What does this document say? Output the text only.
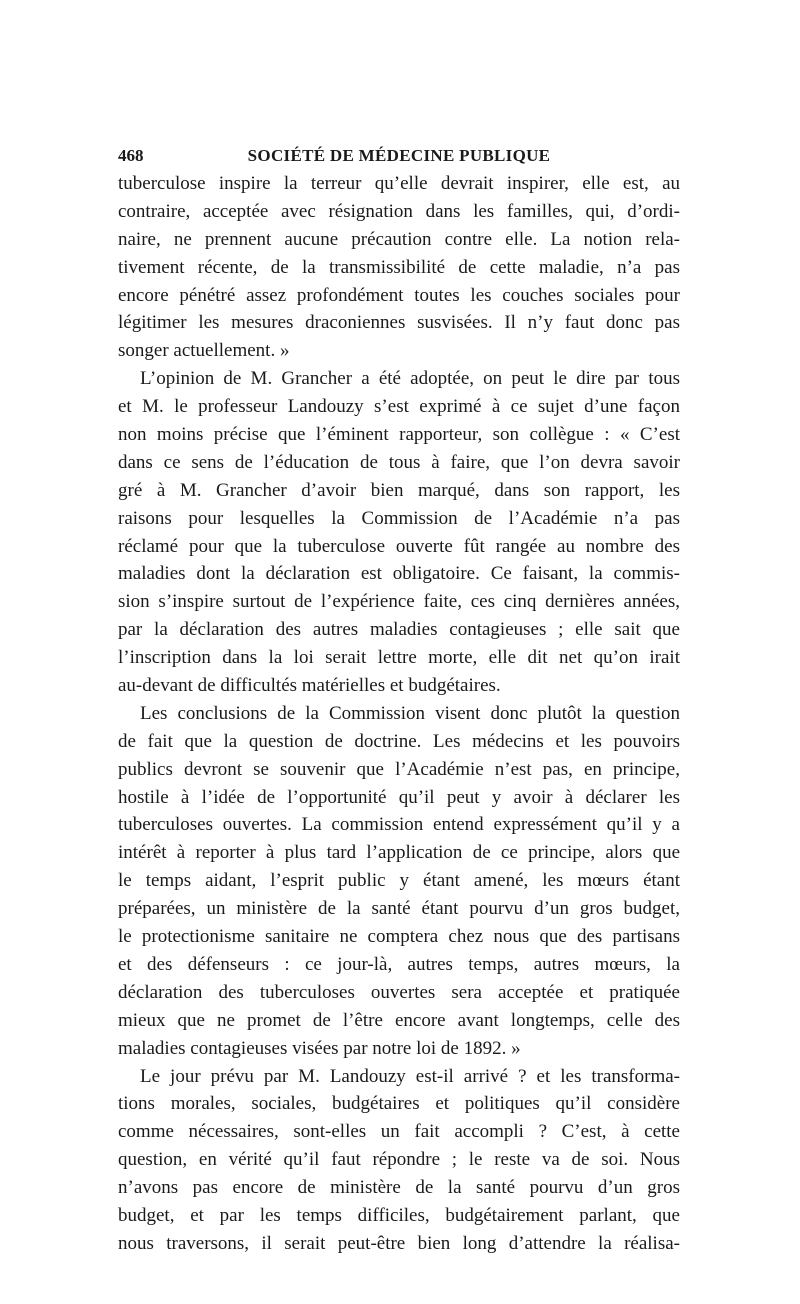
468	SOCIÉTÉ DE MÉDECINE PUBLIQUE
tuberculose inspire la terreur qu’elle devrait inspirer, elle est, au
contraire, acceptée avec résignation dans les familles, qui, d’ordi-
naire, ne prennent aucune précaution contre elle. La notion rela-
tivement récente, de la transmissibilité de cette maladie, n’a pas
encore pénétré assez profondément toutes les couches sociales pour
légitimer les mesures draconiennes susvisées. Il n’y faut donc pas
songer actuellement. »
L’opinion de M. Grancher a été adoptée, on peut le dire par tous
et M. le professeur Landouzy s’est exprimé à ce sujet d’une façon
non moins précise que l’éminent rapporteur, son collègue : « C’est
dans ce sens de l’éducation de tous à faire, que l’on devra savoir
gré à M. Grancher d’avoir bien marqué, dans son rapport, les
raisons pour lesquelles la Commission de l’Académie n’a pas
réclamé pour que la tuberculose ouverte fût rangée au nombre des
maladies dont la déclaration est obligatoire. Ce faisant, la commis-
sion s’inspire surtout de l’expérience faite, ces cinq dernières années,
par la déclaration des autres maladies contagieuses ; elle sait que
l’inscription dans la loi serait lettre morte, elle dit net qu’on irait
au-devant de difficultés matérielles et budgétaires.
Les conclusions de la Commission visent donc plutôt la question
de fait que la question de doctrine. Les médecins et les pouvoirs
publics devront se souvenir que l’Académie n’est pas, en principe,
hostile à l’idée de l’opportunité qu’il peut y avoir à déclarer les
tuberculoses ouvertes. La commission entend expressément qu’il y a
intérêt à reporter à plus tard l’application de ce principe, alors que
le temps aidant, l’esprit public y étant amené, les mœurs étant
préparées, un ministère de la santé étant pourvu d’un gros budget,
le protectionisme sanitaire ne comptera chez nous que des partisans
et des défenseurs : ce jour-là, autres temps, autres mœurs, la
déclaration des tuberculoses ouvertes sera acceptée et pratiquée
mieux que ne promet de l’être encore avant longtemps, celle des
maladies contagieuses visées par notre loi de 1892. »
Le jour prévu par M. Landouzy est-il arrivé ? et les transforma-
tions morales, sociales, budgétaires et politiques qu’il considère
comme nécessaires, sont-elles un fait accompli ? C’est, à cette
question, en vérité qu’il faut répondre ; le reste va de soi. Nous
n’avons pas encore de ministère de la santé pourvu d’un gros
budget, et par les temps difficiles, budgétairement parlant, que
nous traversons, il serait peut-être bien long d’attendre la réalisa-
